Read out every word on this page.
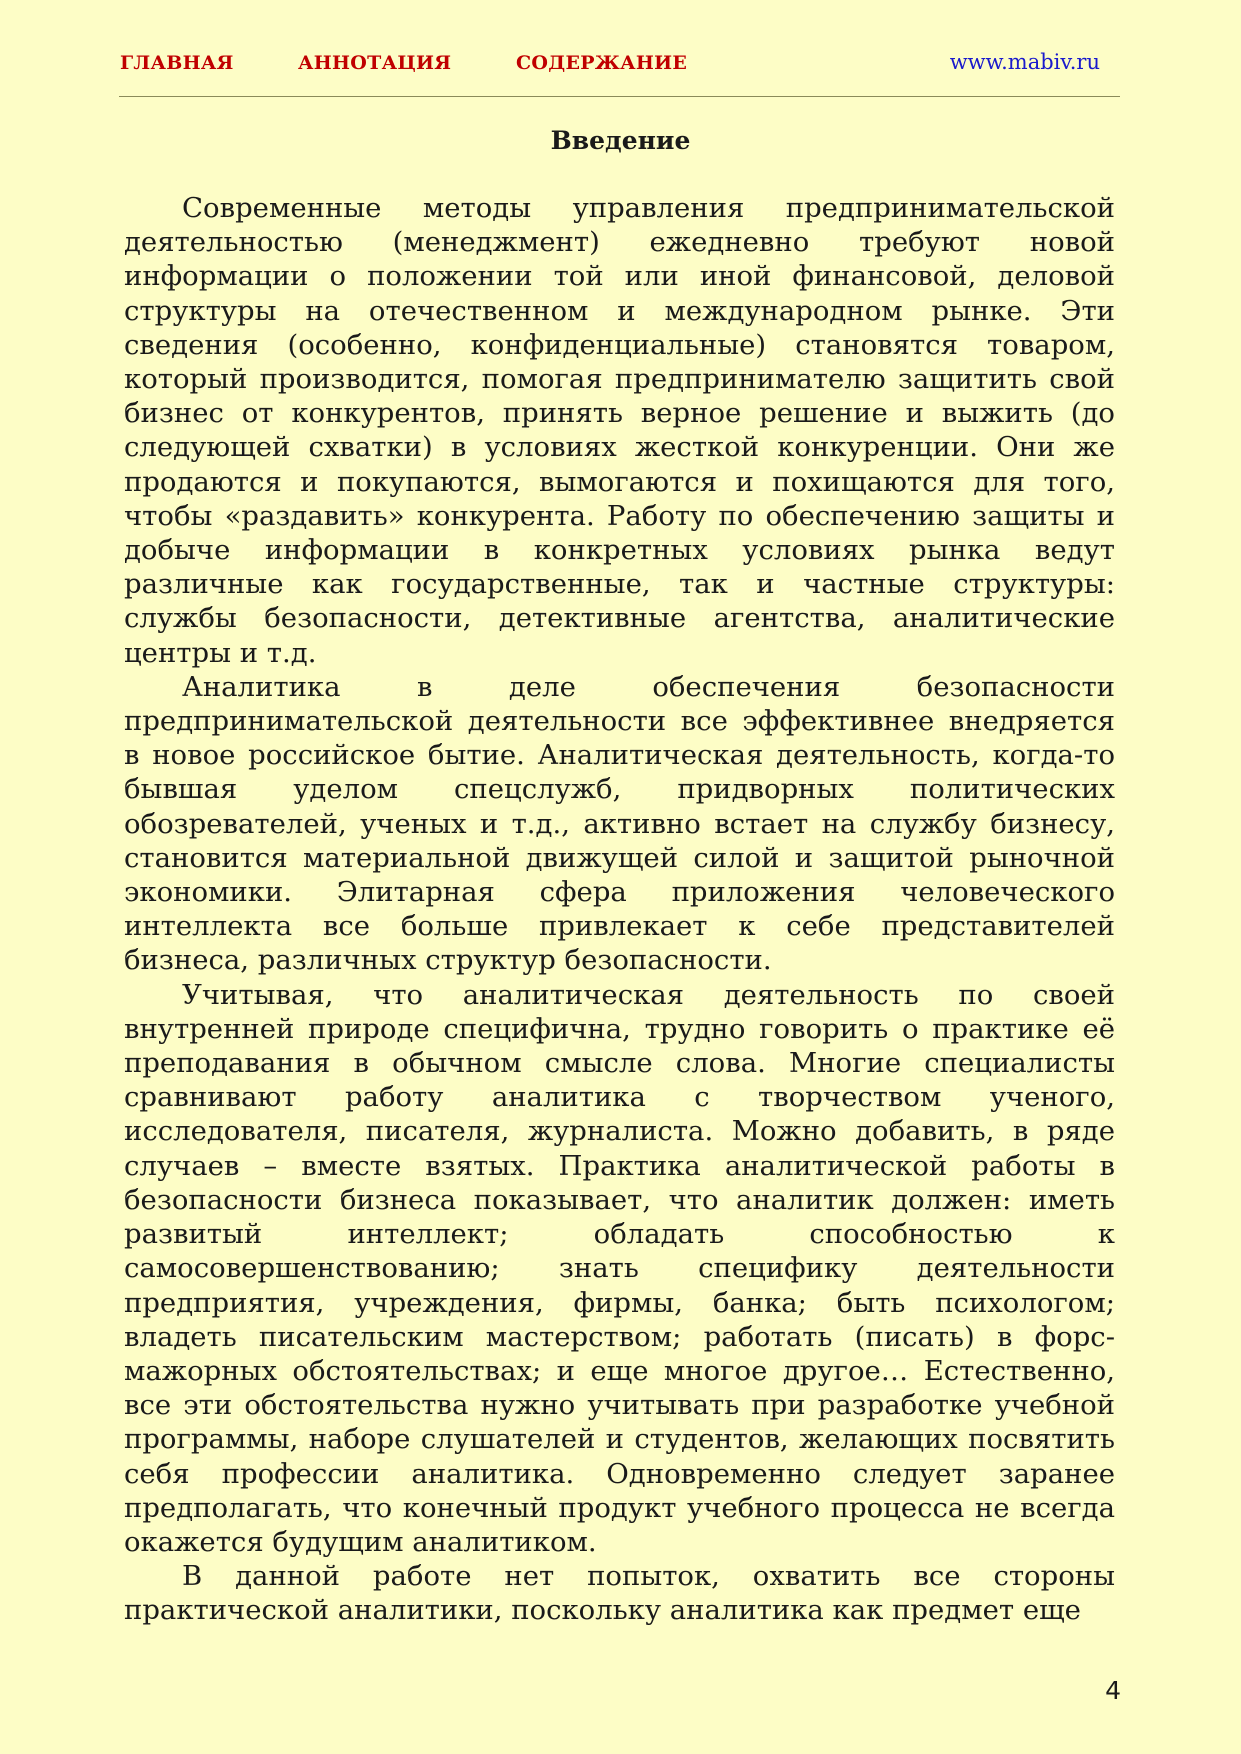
ГЛАВНАЯ	АННОТАЦИЯ	СОДЕРЖАНИЕ	www.mabiv.ru
Введение

Современные методы управления предпринимательской деятельностью (менеджмент) ежедневно требуют новой информации о положении той или иной финансовой, деловой структуры на отечественном и международном рынке. Эти сведения (особенно, конфиденциальные) становятся товаром, который производится, помогая предпринимателю защитить свой бизнес от конкурентов, принять верное решение и выжить (до следующей схватки) в условиях жесткой конкуренции. Они же продаются и покупаются, вымогаются и похищаются для того, чтобы «раздавить» конкурента. Работу по обеспечению защиты и добыче информации в конкретных условиях рынка ведут различные как государственные, так и частные структуры: службы безопасности, детективные агентства, аналитические центры и т.д.

Аналитика в деле обеспечения безопасности предпринимательской деятельности все эффективнее внедряется в новое российское бытие. Аналитическая деятельность, когда-то бывшая уделом спецслужб, придворных политических обозревателей, ученых и т.д., активно встает на службу бизнесу, становится материальной движущей силой и защитой рыночной экономики. Элитарная сфера приложения человеческого интеллекта все больше привлекает к себе представителей бизнеса, различных структур безопасности.

Учитывая, что аналитическая деятельность по своей внутренней природе специфична, трудно говорить о практике её преподавания в обычном смысле слова. Многие специалисты сравнивают работу аналитика с творчеством ученого, исследователя, писателя, журналиста. Можно добавить, в ряде случаев – вместе взятых. Практика аналитической работы в безопасности бизнеса показывает, что аналитик должен: иметь развитый интеллект; обладать способностью к самосовершенствованию; знать специфику деятельности предприятия, учреждения, фирмы, банка; быть психологом; владеть писательским мастерством; работать (писать) в форс-мажорных обстоятельствах; и еще многое другое… Естественно, все эти обстоятельства нужно учитывать при разработке учебной программы, наборе слушателей и студентов, желающих посвятить себя профессии аналитика. Одновременно следует заранее предполагать, что конечный продукт учебного процесса не всегда окажется будущим аналитиком.

В данной работе нет попыток, охватить все стороны практической аналитики, поскольку аналитика как предмет еще

4
